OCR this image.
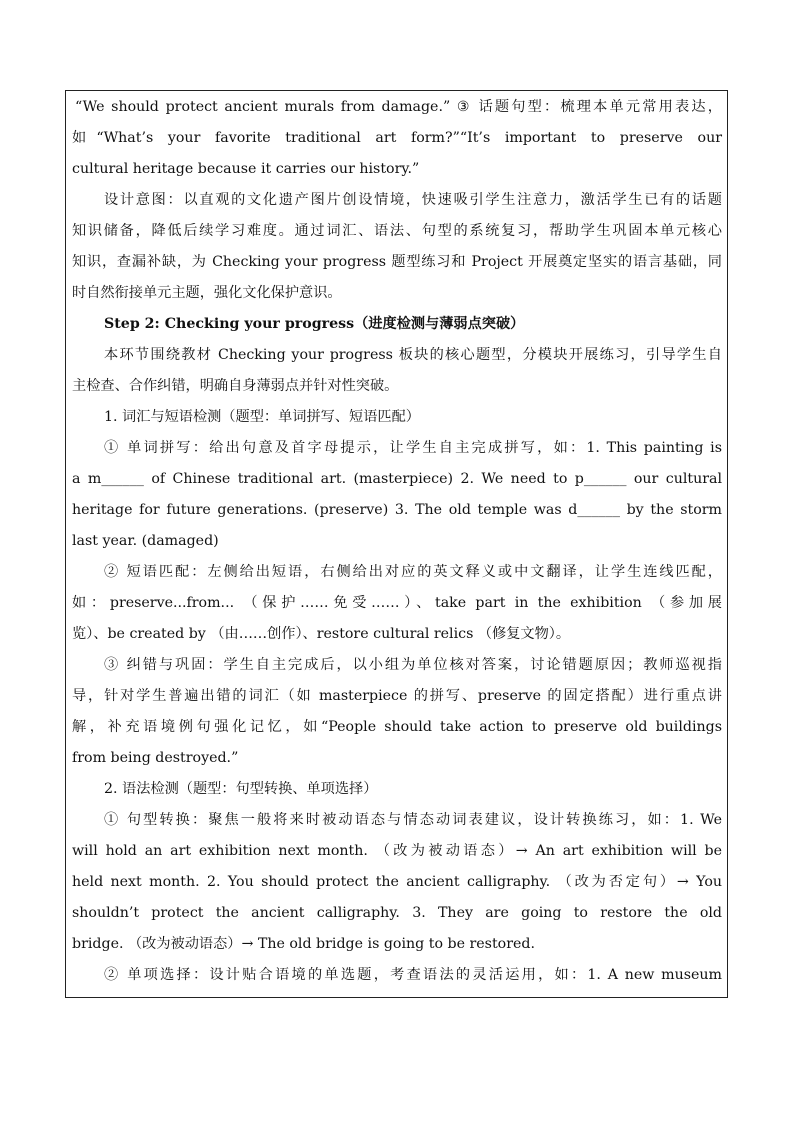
“We should protect ancient murals from damage.” ③ 话题句型：梳理本单元常用表达，
如“What’s your favorite traditional art form?”“It’s important to preserve our
cultural heritage because it carries our history.”
设计意图：以直观的文化遗产图片创设情境，快速吸引学生注意力，激活学生已有的话题
知识储备，降低后续学习难度。通过词汇、语法、句型的系统复习，帮助学生巩固本单元核心
知识，查漏补缺，为 Checking your progress 题型练习和 Project 开展奠定坚实的语言基础，同
时自然衔接单元主题，强化文化保护意识。
Step 2: Checking your progress（进度检测与薄弱点突破）
本环节围绕教材 Checking your progress 板块的核心题型，分模块开展练习，引导学生自
主检查、合作纠错，明确自身薄弱点并针对性突破。
1. 词汇与短语检测（题型：单词拼写、短语匹配）
① 单词拼写：给出句意及首字母提示，让学生自主完成拼写，如：1. This painting is
a m______ of Chinese traditional art. (masterpiece) 2. We need to p______ our cultural
heritage for future generations. (preserve) 3. The old temple was d______ by the storm
last year. (damaged)
② 短语匹配：左侧给出短语，右侧给出对应的英文释义或中文翻译，让学生连线匹配，
如：preserve...from... （保护……免受……）、take part in the exhibition （参加展
览）、be created by （由……创作）、restore cultural relics （修复文物）。
③ 纠错与巩固：学生自主完成后，以小组为单位核对答案，讨论错题原因；教师巡视指
导，针对学生普遍出错的词汇（如 masterpiece 的拼写、preserve 的固定搭配）进行重点讲
解，补充语境例句强化记忆，如“People should take action to preserve old buildings
from being destroyed.”
2. 语法检测（题型：句型转换、单项选择）
① 句型转换：聚焦一般将来时被动语态与情态动词表建议，设计转换练习，如：1. We
will hold an art exhibition next month. （改为被动语态）→ An art exhibition will be
held next month. 2. You should protect the ancient calligraphy. （改为否定句）→ You
shouldn’t protect the ancient calligraphy. 3. They are going to restore the old
bridge. （改为被动语态）→ The old bridge is going to be restored.
② 单项选择：设计贴合语境的单选题，考查语法的灵活运用，如：1. A new museum
